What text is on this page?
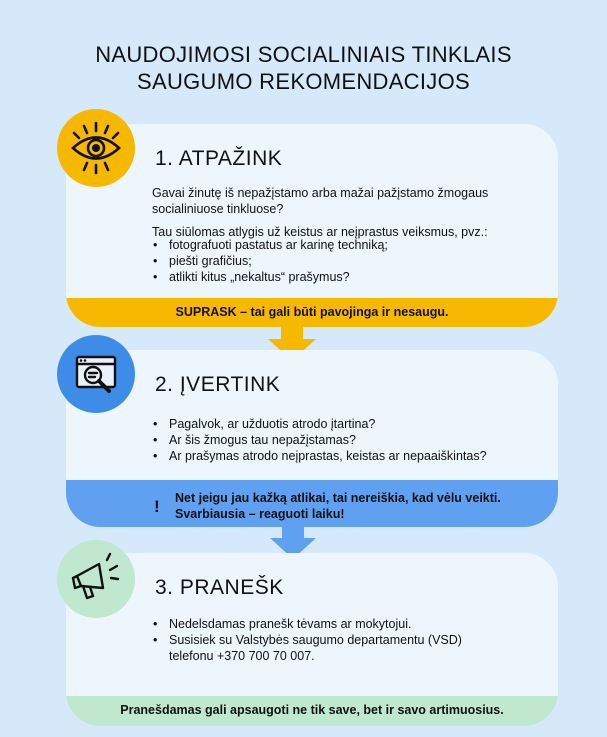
NAUDOJIMOSI SOCIALINIAIS TINKLAIS
SAUGUMO REKOMENDACIJOS
1. ATPAŽINK
Gavai žinutę iš nepažįstamo arba mažai pažįstamo žmogaus socialiniuose tinkluose?
Tau siūlomas atlygis už keistus ar neįprastus veiksmus, pvz.:
• fotografuoti pastatus ar karinę techniką;
• piešti grafičius;
• atlikti kitus „nekaltus“ prašymus?
SUPRASK – tai gali būti pavojinga ir nesaugu.
2. ĮVERTINK
• Pagalvok, ar užduotis atrodo įtartina?
• Ar šis žmogus tau nepažįstamas?
• Ar prašymas atrodo neįprastas, keistas ar nepaaiškintas?
! Net jeigu jau kažką atlikai, tai nereiškia, kad vėlu veikti.
Svarbiausia – reaguoti laiku!
3. PRANEŠK
• Nedelsdamas pranešk tėvams ar mokytojui.
• Susisiek su Valstybės saugumo departamentu (VSD)
telefonu +370 700 70 007.
Pranešdamas gali apsaugoti ne tik save, bet ir savo artimuosius.
